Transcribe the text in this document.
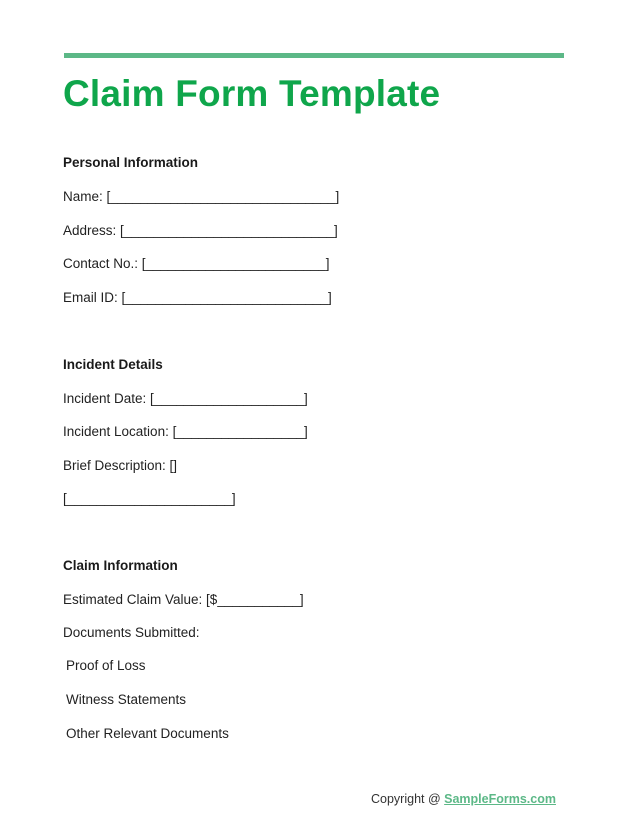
Claim Form Template
Personal Information
Name: [______________________________]
Address: [____________________________]
Contact No.: [________________________]
Email ID: [___________________________]
Incident Details
Incident Date: [____________________]
Incident Location: [_________________]
Brief Description: []
[______________________]
Claim Information
Estimated Claim Value: [$___________]
Documents Submitted:
Proof of Loss
Witness Statements
Other Relevant Documents
Copyright @ SampleForms.com
